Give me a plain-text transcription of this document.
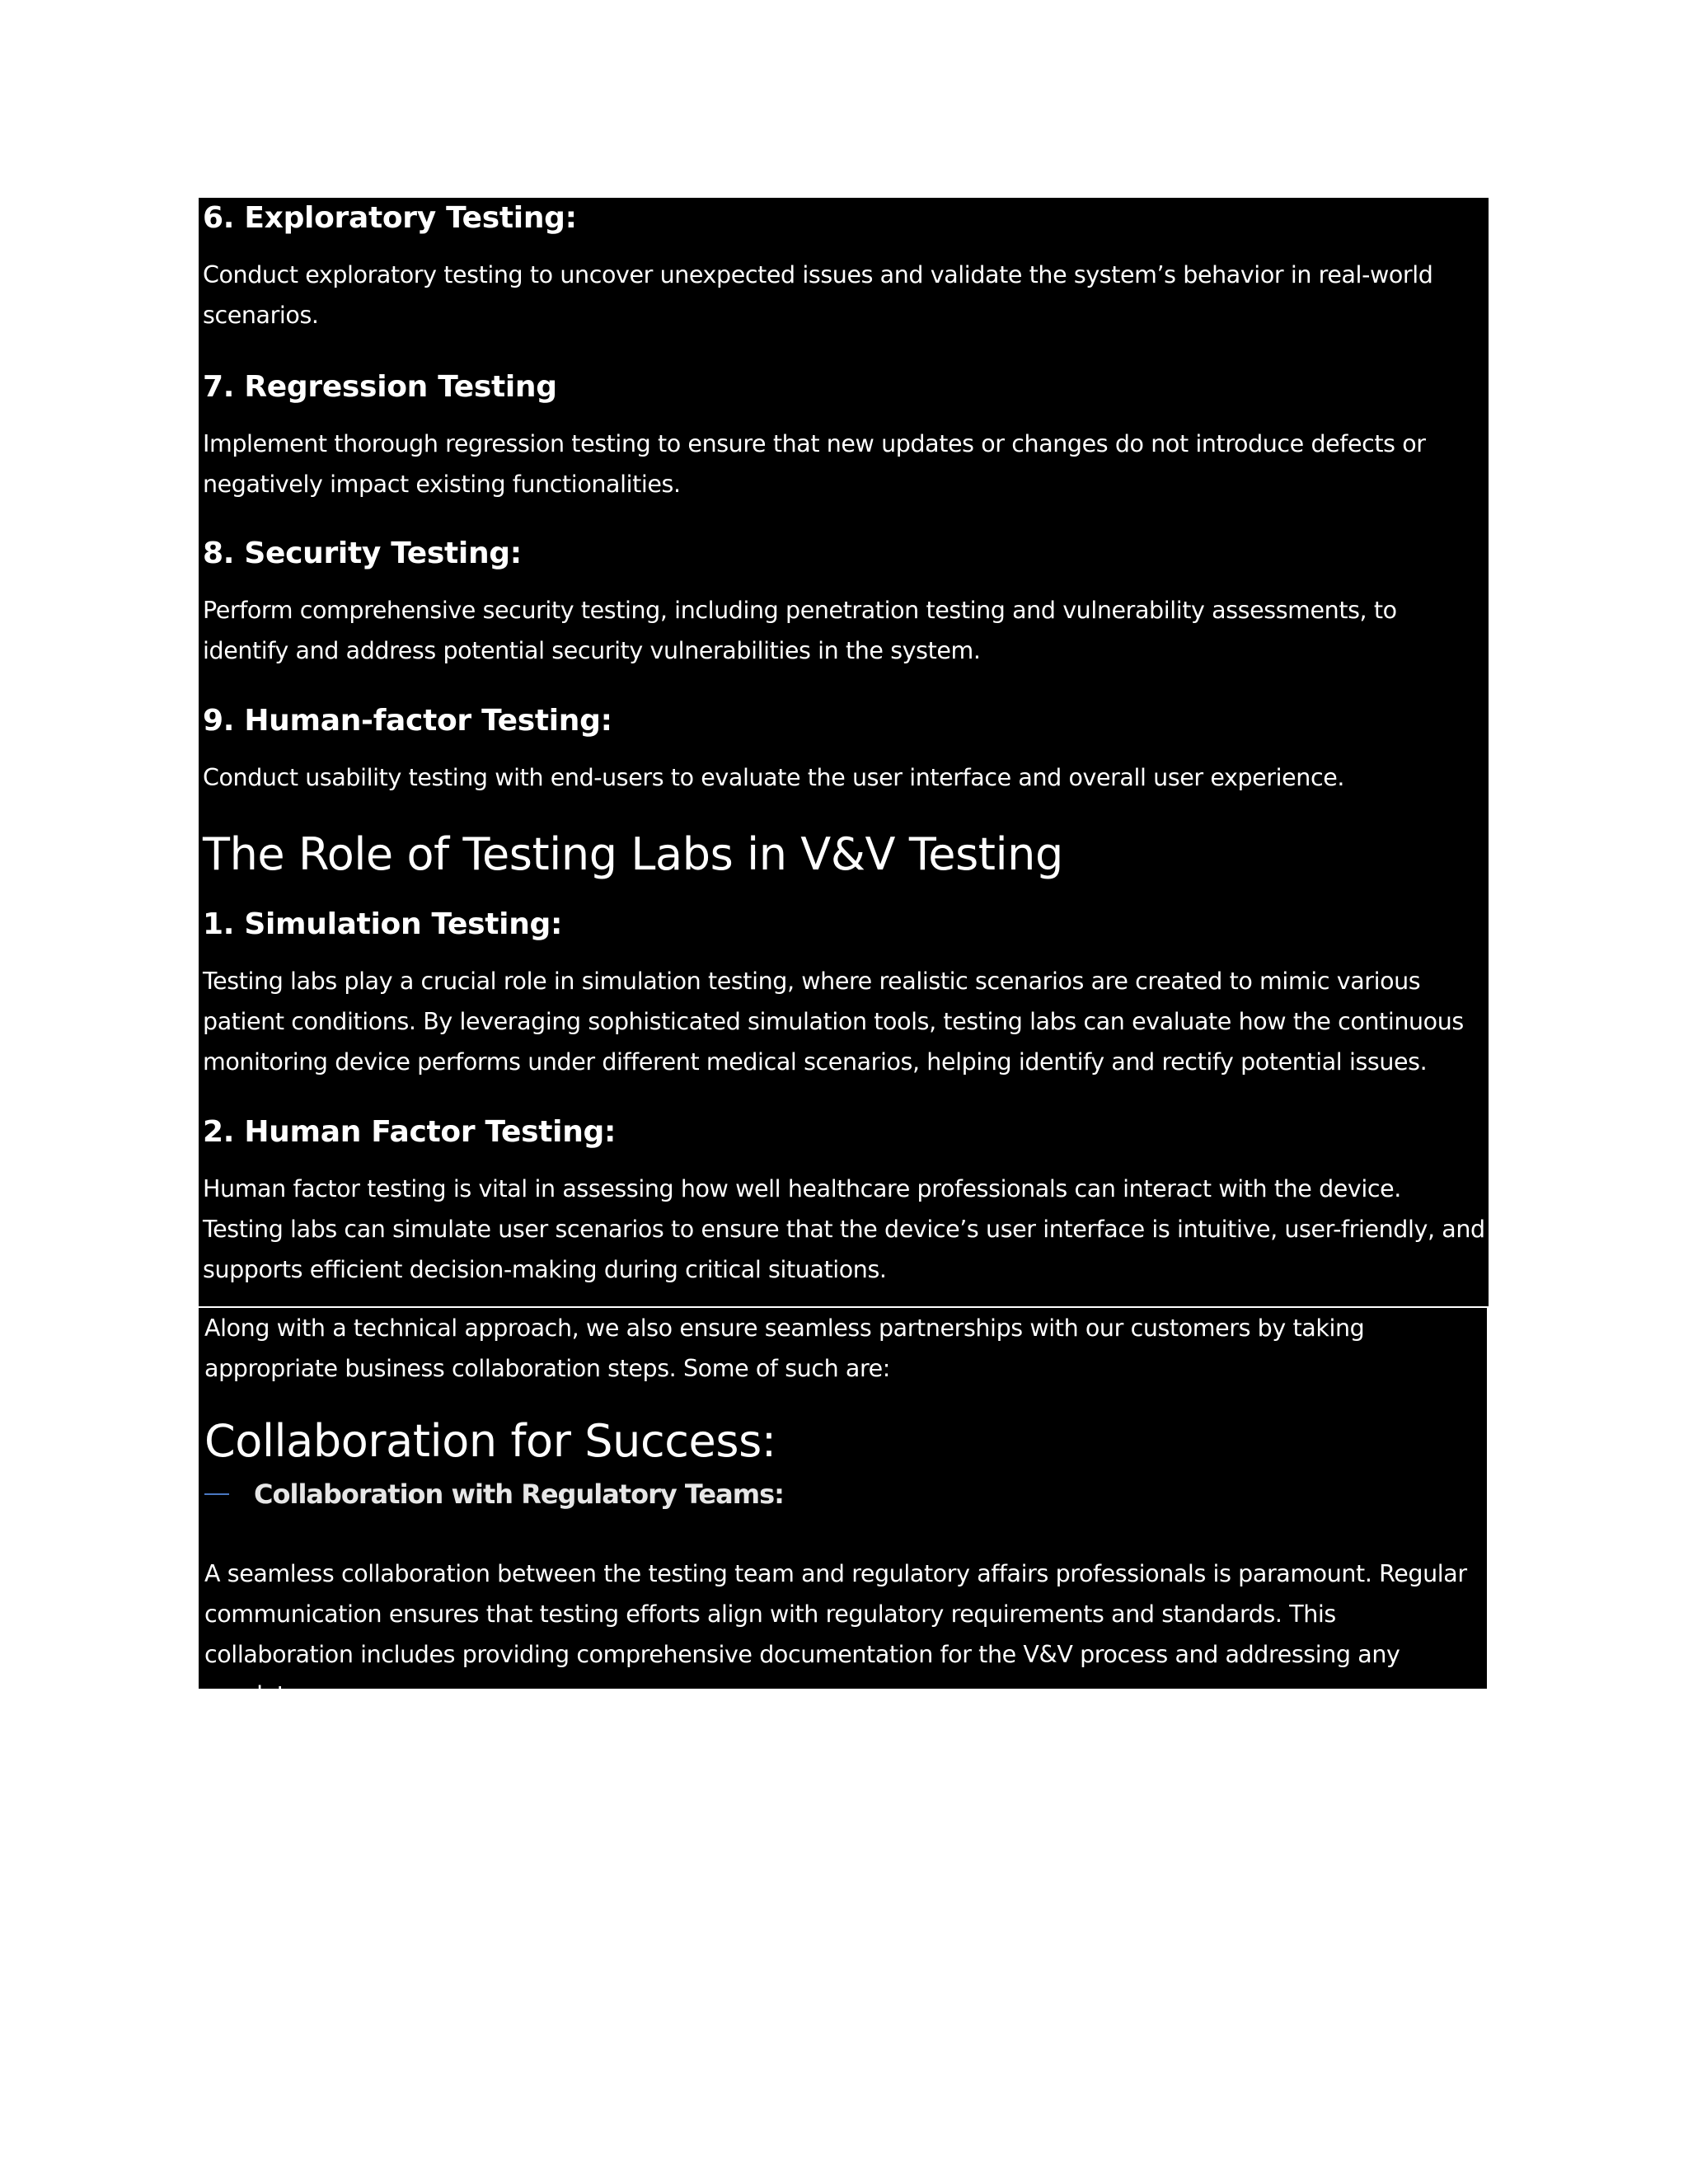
6. Exploratory Testing:

Conduct exploratory testing to uncover unexpected issues and validate the system’s behavior in real-world scenarios.

7. Regression Testing

Implement thorough regression testing to ensure that new updates or changes do not introduce defects or negatively impact existing functionalities.

8. Security Testing:

Perform comprehensive security testing, including penetration testing and vulnerability assessments, to identify and address potential security vulnerabilities in the system.

9. Human-factor Testing:

Conduct usability testing with end-users to evaluate the user interface and overall user experience.

The Role of Testing Labs in V&V Testing
1. Simulation Testing:

Testing labs play a crucial role in simulation testing, where realistic scenarios are created to mimic various patient conditions. By leveraging sophisticated simulation tools, testing labs can evaluate how the continuous monitoring device performs under different medical scenarios, helping identify and rectify potential issues.

2. Human Factor Testing:

Human factor testing is vital in assessing how well healthcare professionals can interact with the device. Testing labs can simulate user scenarios to ensure that the device’s user interface is intuitive, user-friendly, and supports efficient decision-making during critical situations.

Along with a technical approach, we also ensure seamless partnerships with our customers by taking appropriate business collaboration steps. Some of such are:

Collaboration for Success:
Collaboration with Regulatory Teams:

A seamless collaboration between the testing team and regulatory affairs professionals is paramount. Regular communication ensures that testing efforts align with regulatory requirements and standards. This collaboration includes providing comprehensive documentation for the V&V process and addressing any regulatory concerns.
